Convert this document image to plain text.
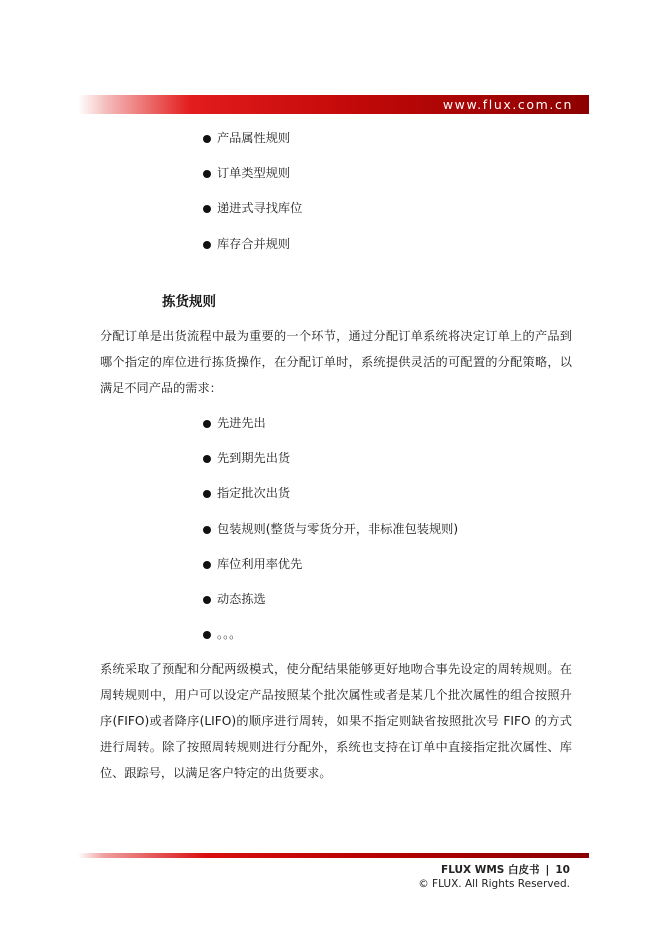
www.flux.com.cn
产品属性规则
订单类型规则
递进式寻找库位
库存合并规则
拣货规则

分配订单是出货流程中最为重要的一个环节，通过分配订单系统将决定订单上的产品到哪个指定的库位进行拣货操作，在分配订单时，系统提供灵活的可配置的分配策略，以满足不同产品的需求：

先进先出
先到期先出货
指定批次出货
包装规则(整货与零货分开，非标准包装规则)
库位利用率优先
动态拣选
。。。

系统采取了预配和分配两级模式，使分配结果能够更好地吻合事先设定的周转规则。在周转规则中，用户可以设定产品按照某个批次属性或者是某几个批次属性的组合按照升序(FIFO)或者降序(LIFO)的顺序进行周转，如果不指定则缺省按照批次号 FIFO 的方式进行周转。除了按照周转规则进行分配外，系统也支持在订单中直接指定批次属性、库位、跟踪号，以满足客户特定的出货要求。

FLUX WMS 白皮书 | 10
© FLUX. All Rights Reserved.
